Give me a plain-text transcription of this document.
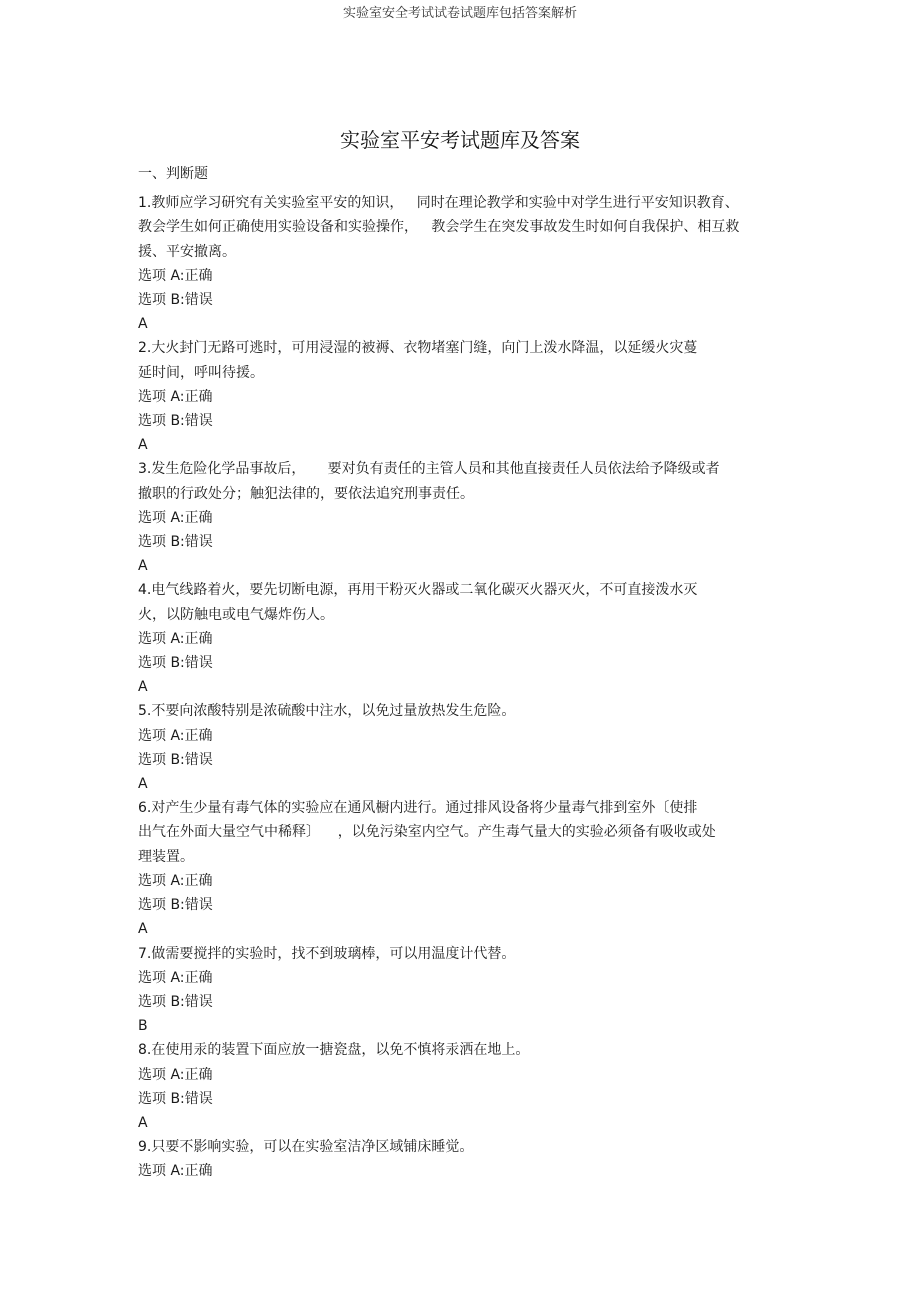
实验室安全考试试卷试题库包括答案解析
实验室平安考试题库及答案

一、判断题

1.教师应学习研究有关实验室平安的知识，   同时在理论教学和实验中对学生进行平安知识教育、

教会学生如何正确使用实验设备和实验操作，   教会学生在突发事故发生时如何自我保护、相互救

援、平安撤离。

选项 A:正确

选项 B:错误

A

2.大火封门无路可逃时，可用浸湿的被褥、衣物堵塞门缝，向门上泼水降温，以延缓火灾蔓

延时间，呼叫待援。

选项 A:正确

选项 B:错误

A

3.发生危险化学品事故后，     要对负有责任的主管人员和其他直接责任人员依法给予降级或者

撤职的行政处分；触犯法律的，要依法追究刑事责任。

选项 A:正确

选项 B:错误

A

4.电气线路着火，要先切断电源，再用干粉灭火器或二氧化碳灭火器灭火，不可直接泼水灭

火，以防触电或电气爆炸伤人。

选项 A:正确

选项 B:错误

A

5.不要向浓酸特别是浓硫酸中注水，以免过量放热发生危险。

选项 A:正确

选项 B:错误

A

6.对产生少量有毒气体的实验应在通风橱内进行。通过排风设备将少量毒气排到室外〔使排

出气在外面大量空气中稀释〕    ，以免污染室内空气。产生毒气量大的实验必须备有吸收或处

理装置。

选项 A:正确

选项 B:错误

A

7.做需要搅拌的实验时，找不到玻璃棒，可以用温度计代替。

选项 A:正确

选项 B:错误

B

8.在使用汞的装置下面应放一搪瓷盘，以免不慎将汞洒在地上。

选项 A:正确

选项 B:错误

A

9.只要不影响实验，可以在实验室洁净区域铺床睡觉。

选项 A:正确
